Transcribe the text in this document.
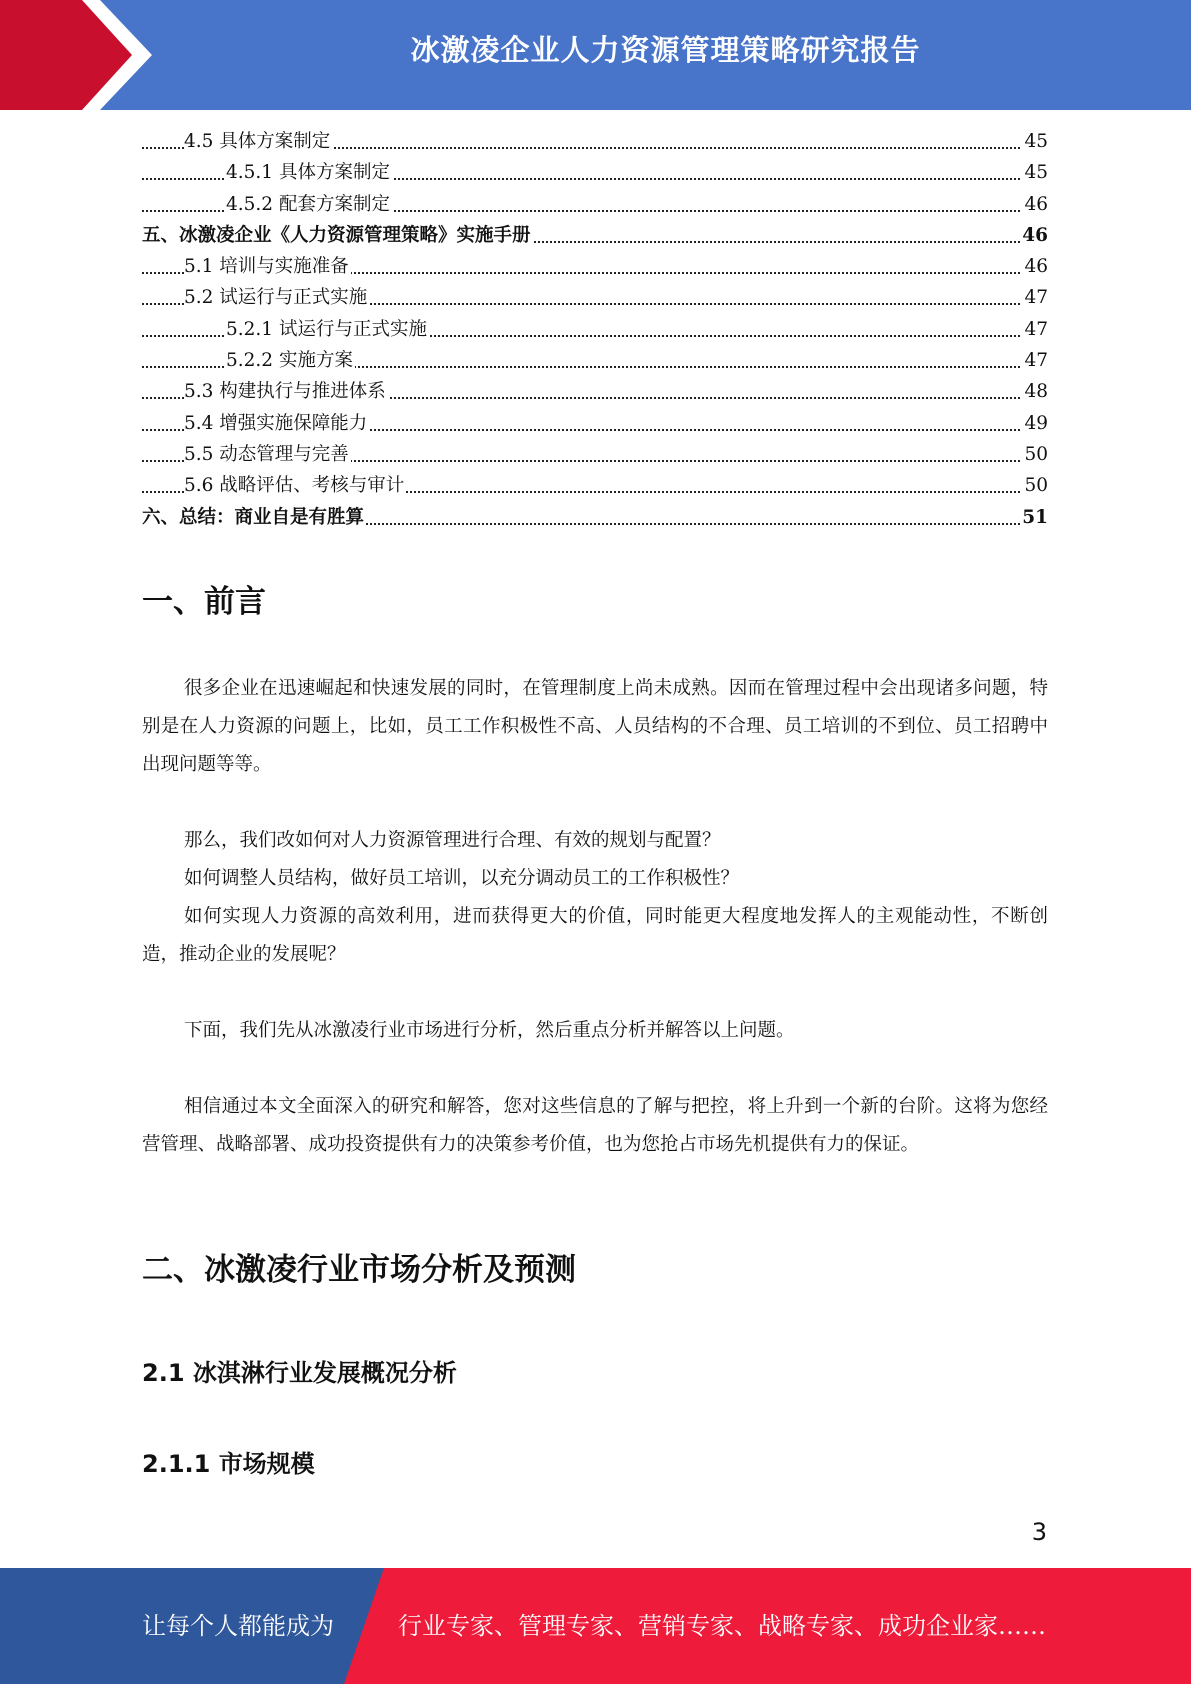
冰激凌企业人力资源管理策略研究报告
4.5 具体方案制定	45
4.5.1 具体方案制定	45
4.5.2 配套方案制定	46
五、冰激凌企业《人力资源管理策略》实施手册	46
5.1 培训与实施准备	46
5.2 试运行与正式实施	47
5.2.1 试运行与正式实施	47
5.2.2 实施方案	47
5.3 构建执行与推进体系	48
5.4 增强实施保障能力	49
5.5 动态管理与完善	50
5.6 战略评估、考核与审计	50
六、总结：商业自是有胜算	51
一、前言

很多企业在迅速崛起和快速发展的同时，在管理制度上尚未成熟。因而在管理过程中会出现诸多问题，特别是在人力资源的问题上，比如，员工工作积极性不高、人员结构的不合理、员工培训的不到位、员工招聘中出现问题等等。

那么，我们改如何对人力资源管理进行合理、有效的规划与配置？

如何调整人员结构，做好员工培训，以充分调动员工的工作积极性？

如何实现人力资源的高效利用，进而获得更大的价值，同时能更大程度地发挥人的主观能动性，不断创造，推动企业的发展呢？

下面，我们先从冰激凌行业市场进行分析，然后重点分析并解答以上问题。

相信通过本文全面深入的研究和解答，您对这些信息的了解与把控，将上升到一个新的台阶。这将为您经营管理、战略部署、成功投资提供有力的决策参考价值，也为您抢占市场先机提供有力的保证。

二、冰激凌行业市场分析及预测
2.1 冰淇淋行业发展概况分析
2.1.1 市场规模
3
让每个人都能成为	行业专家、管理专家、营销专家、战略专家、成功企业家……
